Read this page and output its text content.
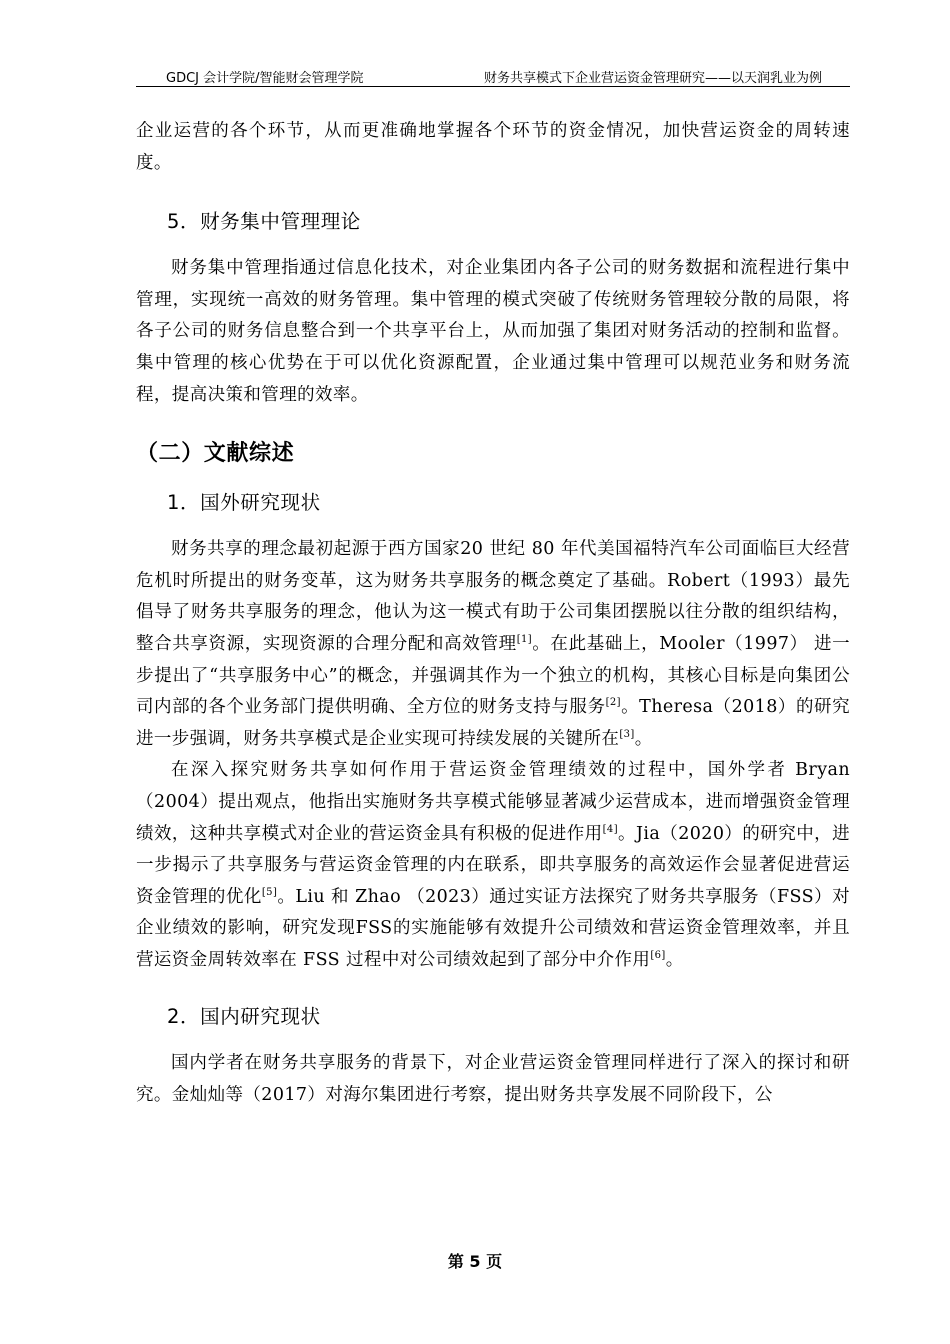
GDCJ 会计学院/智能财会管理学院	财务共享模式下企业营运资金管理研究——以天润乳业为例

企业运营的各个环节，从而更准确地掌握各个环节的资金情况，加快营运资金的周转速度。

5．财务集中管理理论

财务集中管理指通过信息化技术，对企业集团内各子公司的财务数据和流程进行集中管理，实现统一高效的财务管理。集中管理的模式突破了传统财务管理较分散的局限，将各子公司的财务信息整合到一个共享平台上，从而加强了集团对财务活动的控制和监督。集中管理的核心优势在于可以优化资源配置，企业通过集中管理可以规范业务和财务流程，提高决策和管理的效率。

（二）文献综述
1．国外研究现状

财务共享的理念最初起源于西方国家20 世纪 80 年代美国福特汽车公司面临巨大经营危机时所提出的财务变革，这为财务共享服务的概念奠定了基础。Robert（1993）最先倡导了财务共享服务的理念，他认为这一模式有助于公司集团摆脱以往分散的组织结构，整合共享资源，实现资源的合理分配和高效管理[1]。在此基础上，Mooler（1997） 进一步提出了“共享服务中心”的概念，并强调其作为一个独立的机构，其核心目标是向集团公司内部的各个业务部门提供明确、全方位的财务支持与服务[2]。Theresa（2018）的研究进一步强调，财务共享模式是企业实现可持续发展的关键所在[3]。

在深入探究财务共享如何作用于营运资金管理绩效的过程中，国外学者 Bryan（2004）提出观点，他指出实施财务共享模式能够显著减少运营成本，进而增强资金管理绩效，这种共享模式对企业的营运资金具有积极的促进作用[4]。Jia（2020）的研究中，进一步揭示了共享服务与营运资金管理的内在联系，即共享服务的高效运作会显著促进营运资金管理的优化[5]。Liu 和 Zhao （2023）通过实证方法探究了财务共享服务（FSS）对企业绩效的影响，研究发现FSS的实施能够有效提升公司绩效和营运资金管理效率，并且营运资金周转效率在 FSS 过程中对公司绩效起到了部分中介作用[6]。

2．国内研究现状

国内学者在财务共享服务的背景下，对企业营运资金管理同样进行了深入的探讨和研究。金灿灿等（2017）对海尔集团进行考察，提出财务共享发展不同阶段下，公

第 5 页
